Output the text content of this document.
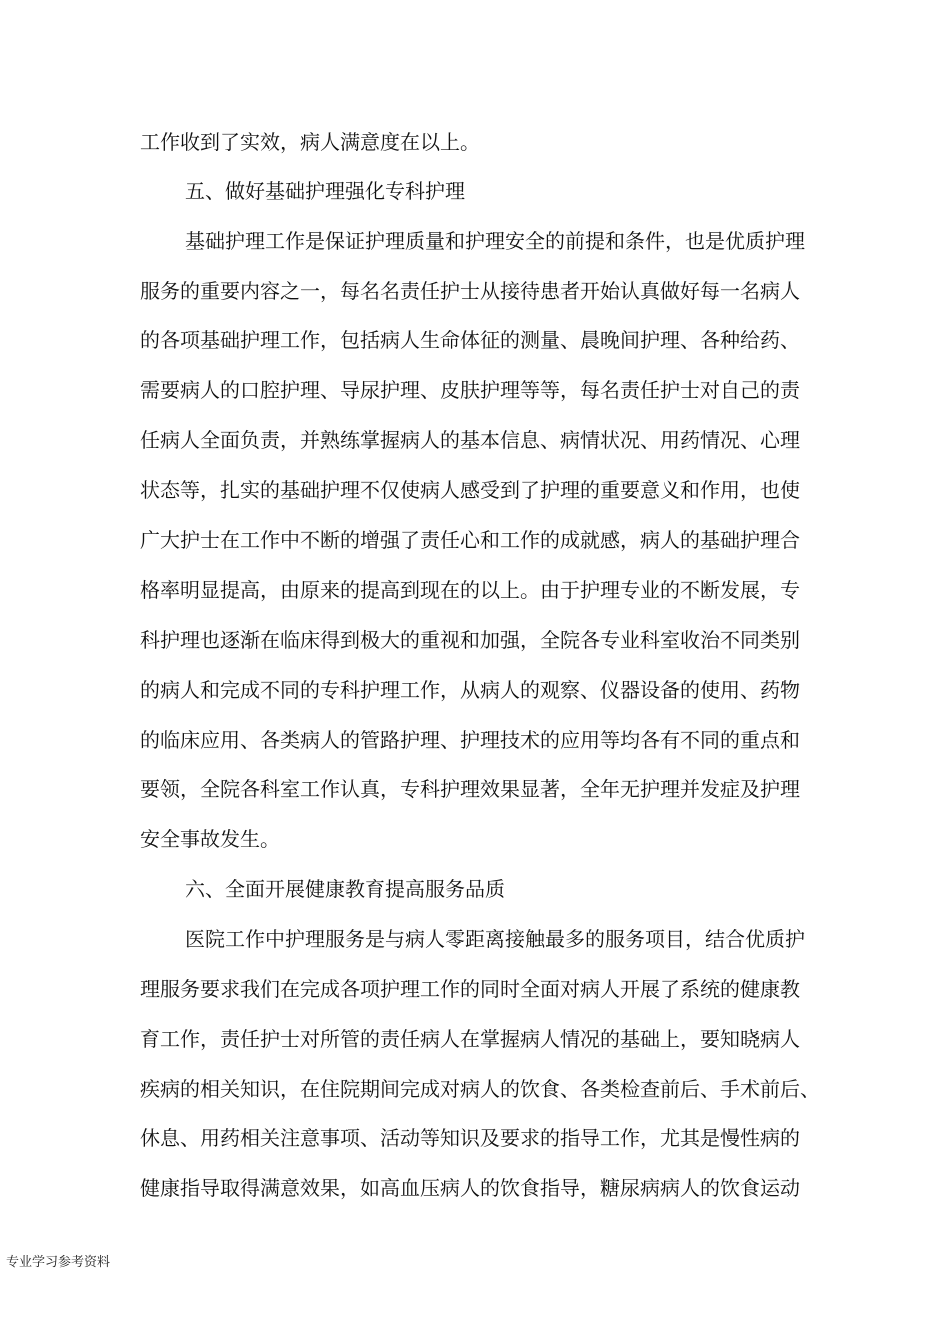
工作收到了实效，病人满意度在以上。
五、做好基础护理强化专科护理
基础护理工作是保证护理质量和护理安全的前提和条件，也是优质护理
服务的重要内容之一，每名名责任护士从接待患者开始认真做好每一名病人
的各项基础护理工作，包括病人生命体征的测量、晨晚间护理、各种给药、
需要病人的口腔护理、导尿护理、皮肤护理等等，每名责任护士对自己的责
任病人全面负责，并熟练掌握病人的基本信息、病情状况、用药情况、心理
状态等，扎实的基础护理不仅使病人感受到了护理的重要意义和作用，也使
广大护士在工作中不断的增强了责任心和工作的成就感，病人的基础护理合
格率明显提高，由原来的提高到现在的以上。由于护理专业的不断发展，专
科护理也逐渐在临床得到极大的重视和加强，全院各专业科室收治不同类别
的病人和完成不同的专科护理工作，从病人的观察、仪器设备的使用、药物
的临床应用、各类病人的管路护理、护理技术的应用等均各有不同的重点和
要领，全院各科室工作认真，专科护理效果显著，全年无护理并发症及护理
安全事故发生。
六、全面开展健康教育提高服务品质
医院工作中护理服务是与病人零距离接触最多的服务项目，结合优质护
理服务要求我们在完成各项护理工作的同时全面对病人开展了系统的健康教
育工作，责任护士对所管的责任病人在掌握病人情况的基础上，要知晓病人
疾病的相关知识，在住院期间完成对病人的饮食、各类检查前后、手术前后、
休息、用药相关注意事项、活动等知识及要求的指导工作，尤其是慢性病的
健康指导取得满意效果，如高血压病人的饮食指导，糖尿病病人的饮食运动
专业学习参考资料
